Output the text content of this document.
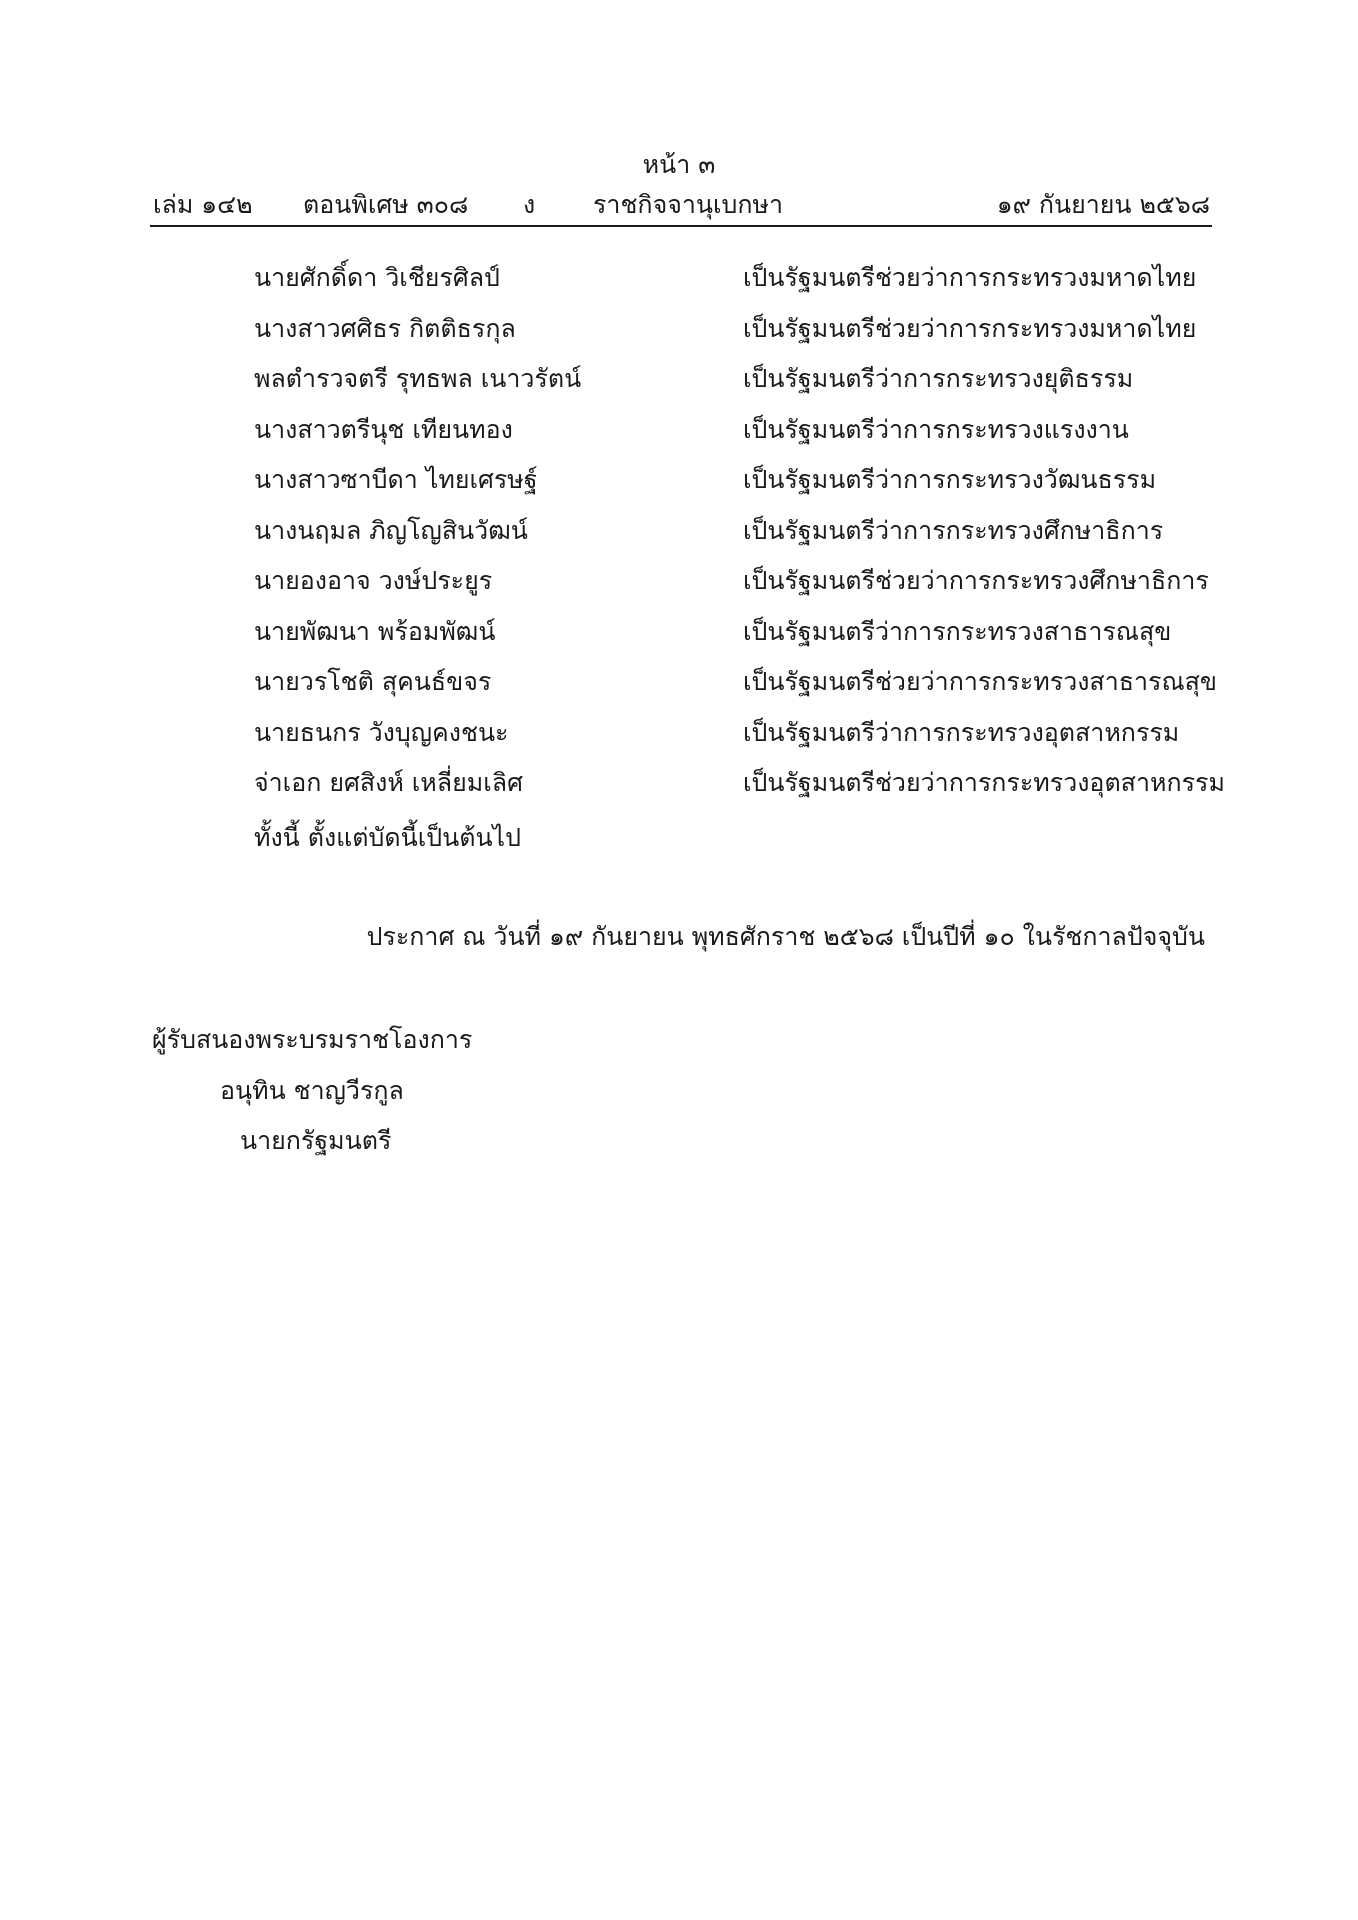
หน้า ๓
เล่ม ๑๔๒ ตอนพิเศษ ๓๐๘ ง ราชกิจจานุเบกษา	๑๙ กันยายน ๒๕๖๘
นายศักดิ์ดา วิเชียรศิลป์	เป็นรัฐมนตรีช่วยว่าการกระทรวงมหาดไทย
นางสาวศศิธร กิตติธรกุล	เป็นรัฐมนตรีช่วยว่าการกระทรวงมหาดไทย
พลตำรวจตรี รุทธพล เนาวรัตน์	เป็นรัฐมนตรีว่าการกระทรวงยุติธรรม
นางสาวตรีนุช เทียนทอง	เป็นรัฐมนตรีว่าการกระทรวงแรงงาน
นางสาวซาบีดา ไทยเศรษฐ์	เป็นรัฐมนตรีว่าการกระทรวงวัฒนธรรม
นางนฤมล ภิญโญสินวัฒน์	เป็นรัฐมนตรีว่าการกระทรวงศึกษาธิการ
นายองอาจ วงษ์ประยูร	เป็นรัฐมนตรีช่วยว่าการกระทรวงศึกษาธิการ
นายพัฒนา พร้อมพัฒน์	เป็นรัฐมนตรีว่าการกระทรวงสาธารณสุข
นายวรโชติ สุคนธ์ขจร	เป็นรัฐมนตรีช่วยว่าการกระทรวงสาธารณสุข
นายธนกร วังบุญคงชนะ	เป็นรัฐมนตรีว่าการกระทรวงอุตสาหกรรม
จ่าเอก ยศสิงห์ เหลี่ยมเลิศ	เป็นรัฐมนตรีช่วยว่าการกระทรวงอุตสาหกรรม
ทั้งนี้ ตั้งแต่บัดนี้เป็นต้นไป
ประกาศ ณ วันที่ ๑๙ กันยายน พุทธศักราช ๒๕๖๘ เป็นปีที่ ๑๐ ในรัชกาลปัจจุบัน
ผู้รับสนองพระบรมราชโองการ
อนุทิน ชาญวีรกูล
นายกรัฐมนตรี
